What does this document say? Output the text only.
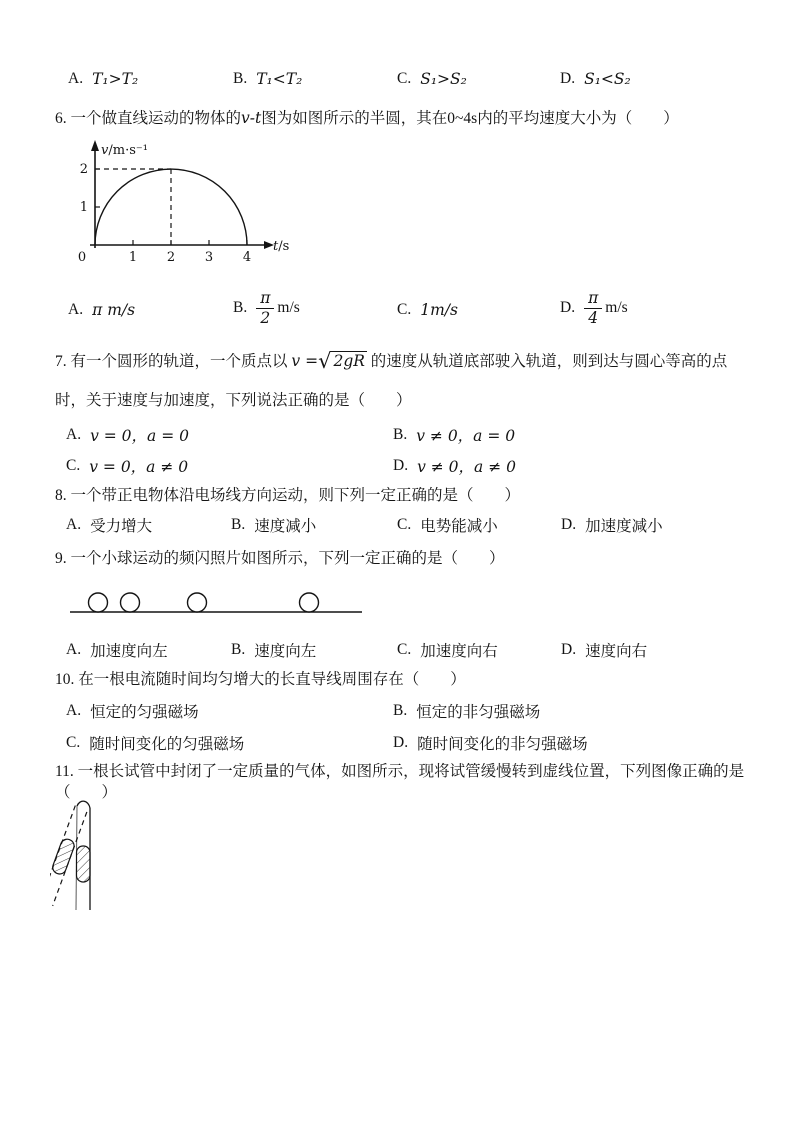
A. T₁>T₂	B. T₁<T₂	C. S₁>S₂	D. S₁<S₂
6. 一个做直线运动的物体的v-t图为如图所示的半圆，其在0~4s内的平均速度大小为（　　）
v/m·s⁻¹
t/s
0	1 2 3 4
1
2
A. π m/s	B. $\frac{\pi}{2} m/s$	C. 1m/s	D. $\frac{\pi}{4} m/s$
7. 有一个圆形的轨道，一个质点以 v =√ 2gR 的速度从轨道底部驶入轨道，则到达与圆心等高的点时，关于速度与加速度，下列说法正确的是（　　）
A. v = 0，a = 0	B. v ≠ 0，a = 0
C. v = 0，a ≠ 0	D. v ≠ 0，a ≠ 0
8. 一个带正电物体沿电场线方向运动，则下列一定正确的是（　　）
A. 受力增大	B. 速度减小	C. 电势能减小	D. 加速度减小
9. 一个小球运动的频闪照片如图所示，下列一定正确的是（　　）
A. 加速度向左	B. 速度向左	C. 加速度向右	D. 速度向右
10. 在一根电流随时间均匀增大的长直导线周围存在（　　）
A. 恒定的匀强磁场	B. 恒定的非匀强磁场
C. 随时间变化的匀强磁场	D. 随时间变化的非匀强磁场
11. 一根长试管中封闭了一定质量的气体，如图所示，现将试管缓慢转到虚线位置，下列图像正确的是（　　）
